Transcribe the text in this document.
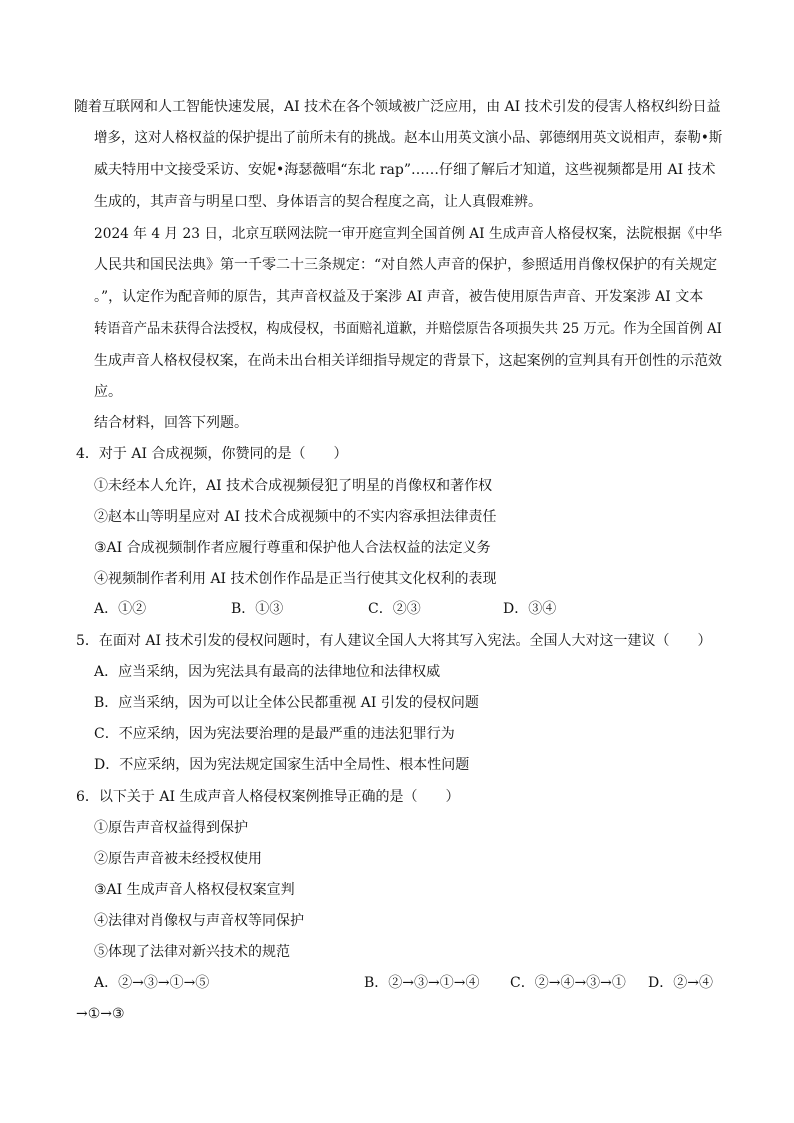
随着互联网和人工智能快速发展，AI 技术在各个领域被广泛应用，由 AI 技术引发的侵害人格权纠纷日益
增多，这对人格权益的保护提出了前所未有的挑战。赵本山用英文演小品、郭德纲用英文说相声，泰勒•斯
威夫特用中文接受采访、安妮•海瑟薇唱“东北 rap”……仔细了解后才知道，这些视频都是用 AI 技术
生成的，其声音与明星口型、身体语言的契合程度之高，让人真假难辨。
2024 年 4 月 23 日，北京互联网法院一审开庭宣判全国首例 AI 生成声音人格侵权案，法院根据《中华
人民共和国民法典》第一千零二十三条规定：“对自然人声音的保护，参照适用肖像权保护的有关规定
。”，认定作为配音师的原告，其声音权益及于案涉 AI 声音，被告使用原告声音、开发案涉 AI 文本
转语音产品未获得合法授权，构成侵权，书面赔礼道歉，并赔偿原告各项损失共 25 万元。作为全国首例 AI
生成声音人格权侵权案，在尚未出台相关详细指导规定的背景下，这起案例的宣判具有开创性的示范效
应。
结合材料，回答下列题。
4．对于 AI 合成视频，你赞同的是（　　）
①未经本人允许，AI 技术合成视频侵犯了明星的肖像权和著作权
②赵本山等明星应对 AI 技术合成视频中的不实内容承担法律责任
③AI 合成视频制作者应履行尊重和保护他人合法权益的法定义务
④视频制作者利用 AI 技术创作作品是正当行使其文化权利的表现
A．①②	B．①③	C．②③	D．③④
5．在面对 AI 技术引发的侵权问题时，有人建议全国人大将其写入宪法。全国人大对这一建议（　　）
A．应当采纳，因为宪法具有最高的法律地位和法律权威
B．应当采纳，因为可以让全体公民都重视 AI 引发的侵权问题
C．不应采纳，因为宪法要治理的是最严重的违法犯罪行为
D．不应采纳，因为宪法规定国家生活中全局性、根本性问题
6．以下关于 AI 生成声音人格侵权案例推导正确的是（　　）
①原告声音权益得到保护
②原告声音被未经授权使用
③AI 生成声音人格权侵权案宣判
④法律对肖像权与声音权等同保护
⑤体现了法律对新兴技术的规范
A．②→③→①→⑤	B．②→③→①→④ C．②→④→③→① D．②→④
→①→③
